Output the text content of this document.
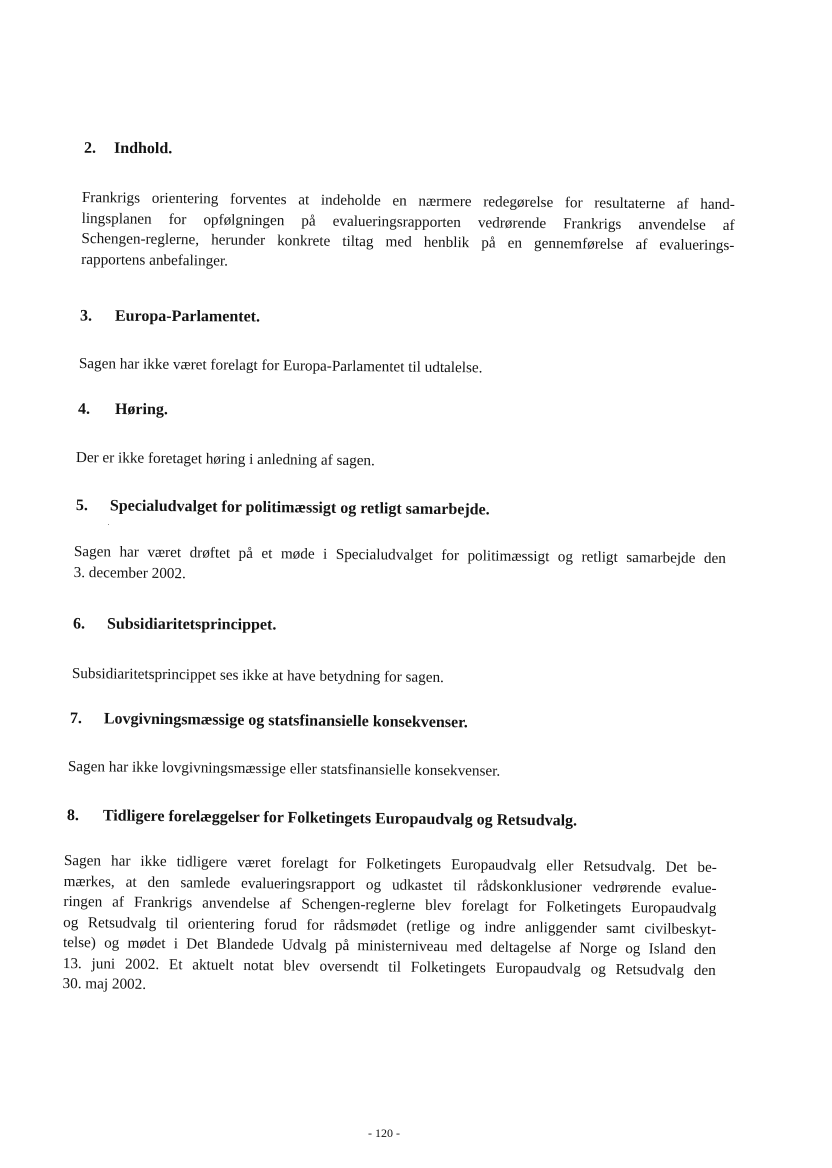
2. Indhold.
Frankrigs orientering forventes at indeholde en nærmere redegørelse for resultaterne af hand-
lingsplanen for opfølgningen på evalueringsrapporten vedrørende Frankrigs anvendelse af
Schengen-reglerne, herunder konkrete tiltag med henblik på en gennemførelse af evaluerings-
rapportens anbefalinger.
3. Europa-Parlamentet.
Sagen har ikke været forelagt for Europa-Parlamentet til udtalelse.
4. Høring.
Der er ikke foretaget høring i anledning af sagen.
5. Specialudvalget for politimæssigt og retligt samarbejde.
Sagen har været drøftet på et møde i Specialudvalget for politimæssigt og retligt samarbejde den
3. december 2002.
6. Subsidiaritetsprincippet.
Subsidiaritetsprincippet ses ikke at have betydning for sagen.
7. Lovgivningsmæssige og statsfinansielle konsekvenser.
Sagen har ikke lovgivningsmæssige eller statsfinansielle konsekvenser.
8. Tidligere forelæggelser for Folketingets Europaudvalg og Retsudvalg.
Sagen har ikke tidligere været forelagt for Folketingets Europaudvalg eller Retsudvalg. Det be-
mærkes, at den samlede evalueringsrapport og udkastet til rådskonklusioner vedrørende evalue-
ringen af Frankrigs anvendelse af Schengen-reglerne blev forelagt for Folketingets Europaudvalg
og Retsudvalg til orientering forud for rådsmødet (retlige og indre anliggender samt civilbeskyt-
telse) og mødet i Det Blandede Udvalg på ministerniveau med deltagelse af Norge og Island den
13. juni 2002. Et aktuelt notat blev oversendt til Folketingets Europaudvalg og Retsudvalg den
30. maj 2002.
- 120 -
